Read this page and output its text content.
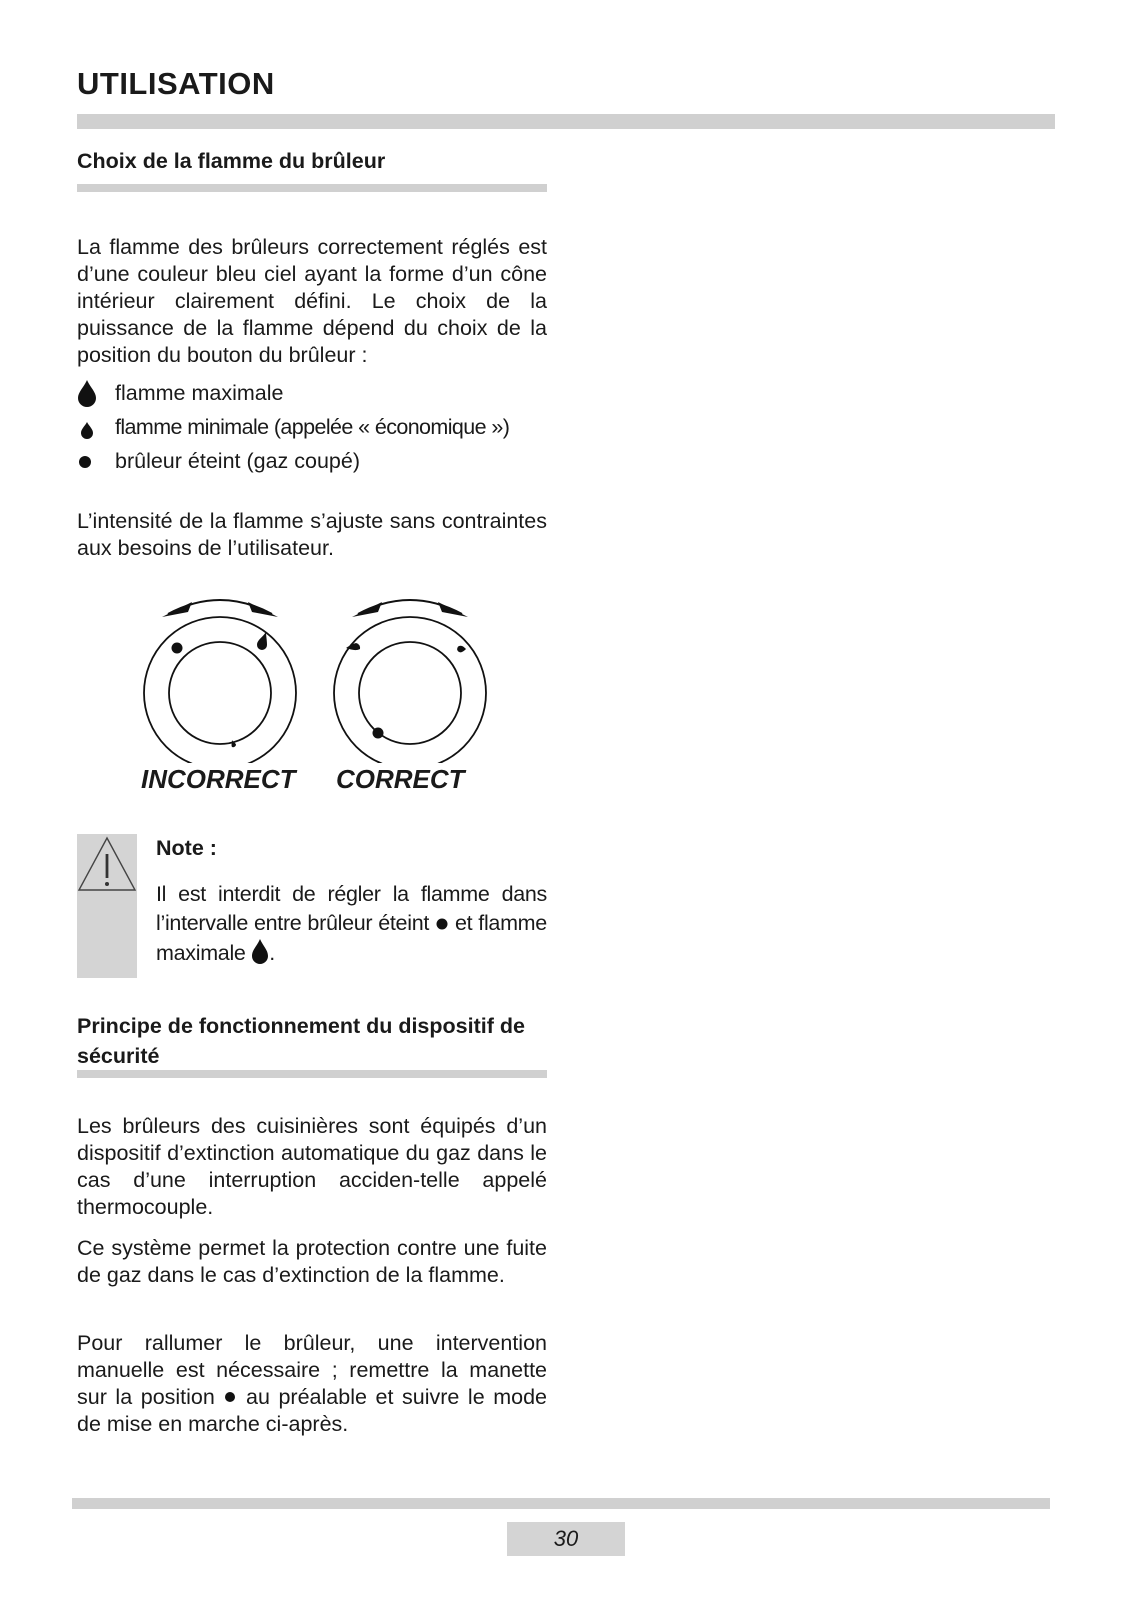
UTILISATION
Choix de la flamme du brûleur

La flamme des brûleurs correctement réglés est d’une couleur bleu ciel ayant la forme d’un cône intérieur clairement défini. Le choix de la puissance de la flamme dépend du choix de la position du bouton du brûleur :

flamme maximale
flamme minimale (appelée « économique »)
brûleur éteint (gaz coupé)

L’intensité de la flamme s’ajuste sans contraintes aux besoins de l’utilisateur.

INCORRECT CORRECT
Note :
Il est interdit de régler la flamme dans l’intervalle entre brûleur éteint et flamme maximale .
Principe de fonctionnement du dispositif de sécurité

Les brûleurs des cuisinières sont équipés d’un dispositif d’extinction automatique du gaz dans le cas d’une interruption acciden-telle appelé thermocouple.

Ce système permet la protection contre une fuite de gaz dans le cas d’extinction de la flamme.

Pour rallumer le brûleur, une intervention manuelle est nécessaire ; remettre la manette sur la position au préalable et suivre le mode de mise en marche ci-après.

30
